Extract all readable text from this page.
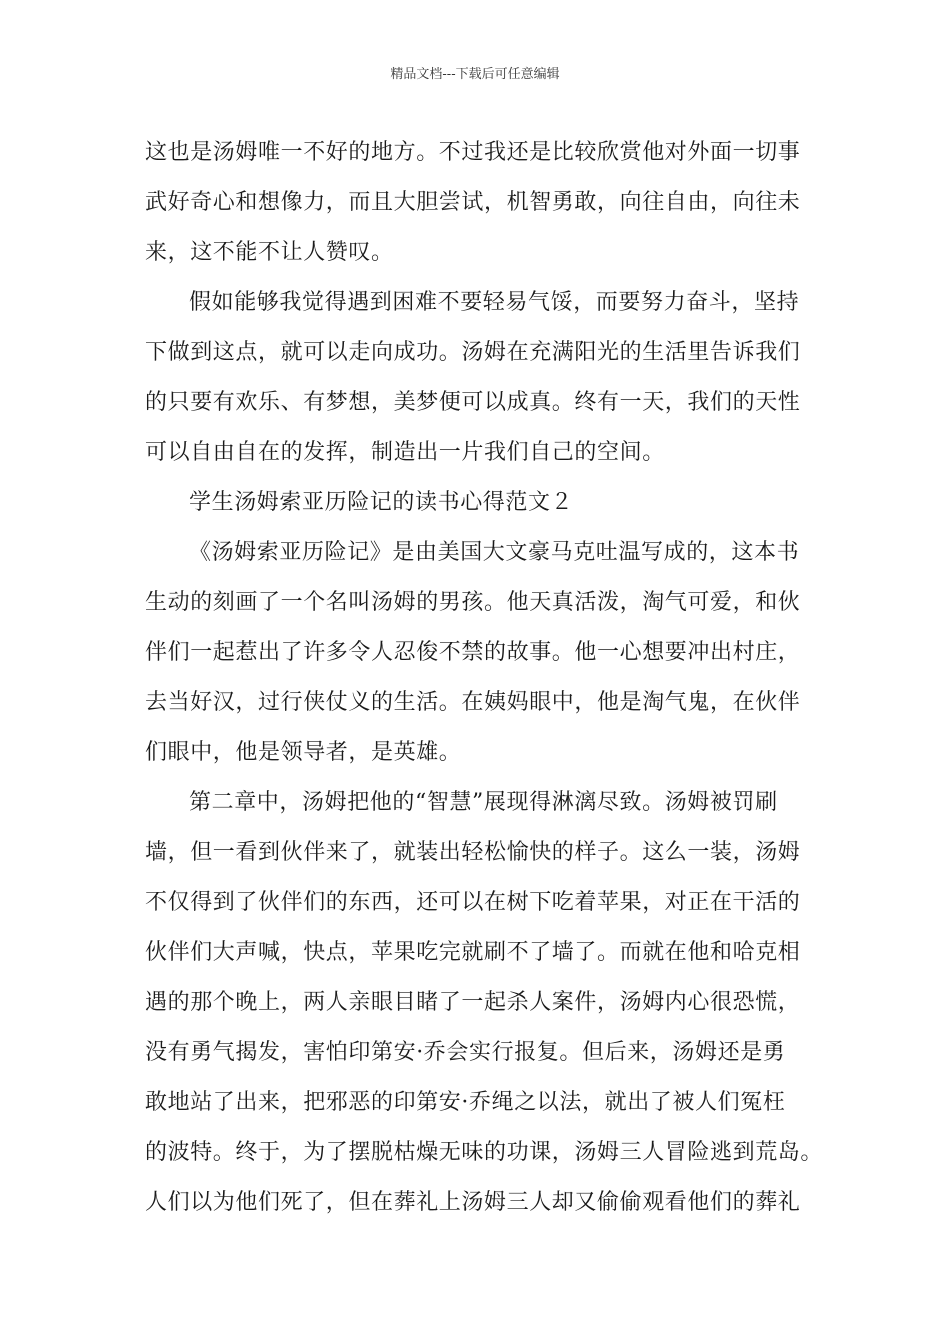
精品文档---下载后可任意编辑
这也是汤姆唯一不好的地方。不过我还是比较欣赏他对外面一切事
武好奇心和想像力，而且大胆尝试，机智勇敢，向往自由，向往未
来，这不能不让人赞叹。
假如能够我觉得遇到困难不要轻易气馁，而要努力奋斗，坚持
下做到这点，就可以走向成功。汤姆在充满阳光的生活里告诉我们
的只要有欢乐、有梦想，美梦便可以成真。终有一天，我们的天性
可以自由自在的发挥，制造出一片我们自己的空间。
学生汤姆索亚历险记的读书心得范文２
《汤姆索亚历险记》是由美国大文豪马克吐温写成的，这本书
生动的刻画了一个名叫汤姆的男孩。他天真活泼，淘气可爱，和伙
伴们一起惹出了许多令人忍俊不禁的故事。他一心想要冲出村庄，
去当好汉，过行侠仗义的生活。在姨妈眼中，他是淘气鬼，在伙伴
们眼中，他是领导者，是英雄。
第二章中，汤姆把他的“智慧”展现得淋漓尽致。汤姆被罚刷
墙，但一看到伙伴来了，就装出轻松愉快的样子。这么一装，汤姆
不仅得到了伙伴们的东西，还可以在树下吃着苹果，对正在干活的
伙伴们大声喊，快点，苹果吃完就刷不了墙了。而就在他和哈克相
遇的那个晚上，两人亲眼目睹了一起杀人案件，汤姆内心很恐慌，
没有勇气揭发，害怕印第安·乔会实行报复。但后来，汤姆还是勇
敢地站了出来，把邪恶的印第安·乔绳之以法，就出了被人们冤枉
的波特。终于，为了摆脱枯燥无味的功课，汤姆三人冒险逃到荒岛。
人们以为他们死了，但在葬礼上汤姆三人却又偷偷观看他们的葬礼
